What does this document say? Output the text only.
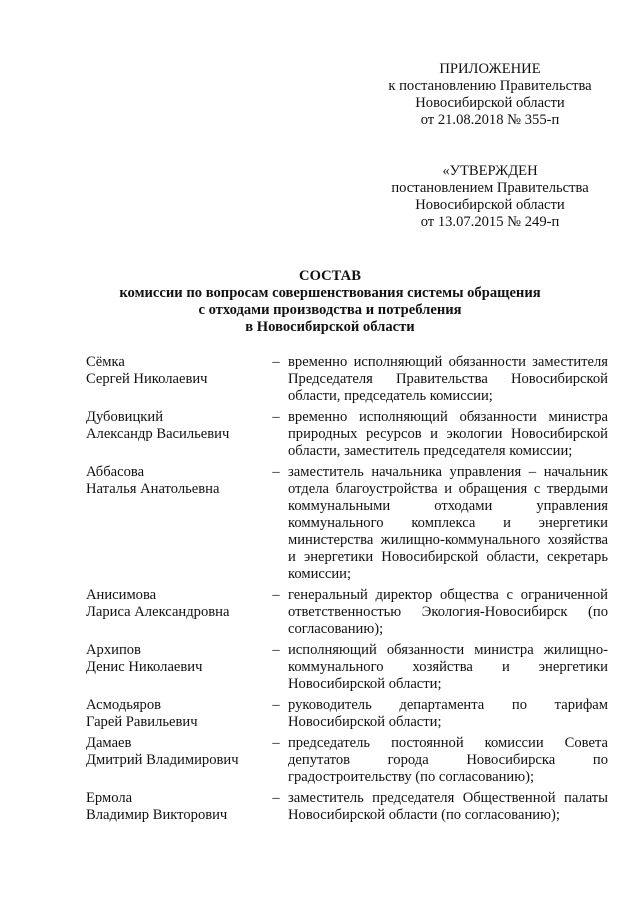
ПРИЛОЖЕНИЕ
к постановлению Правительства
Новосибирской области
от 21.08.2018 № 355-п
«УТВЕРЖДЕН
постановлением Правительства
Новосибирской области
от 13.07.2015 № 249-п
СОСТАВ
комиссии по вопросам совершенствования системы обращения
с отходами производства и потребления
в Новосибирской области
Сёмка
Сергей Николаевич
– временно исполняющий обязанности заместителя Председателя Правительства Новосибирской области, председатель комиссии;
Дубовицкий
Александр Васильевич
– временно исполняющий обязанности министра природных ресурсов и экологии Новосибирской области, заместитель председателя комиссии;
Аббасова
Наталья Анатольевна
– заместитель начальника управления – начальник отдела благоустройства и обращения с твердыми коммунальными отходами управления коммунального комплекса и энергетики министерства жилищно-коммунального хозяйства и энергетики Новосибирской области, секретарь комиссии;
Анисимова
Лариса Александровна
– генеральный директор общества с ограниченной ответственностью Экология-Новосибирск (по согласованию);
Архипов
Денис Николаевич
– исполняющий обязанности министра жилищно-коммунального хозяйства и энергетики Новосибирской области;
Асмодьяров
Гарей Равильевич
– руководитель департамента по тарифам Новосибирской области;
Дамаев
Дмитрий Владимирович
– председатель постоянной комиссии Совета депутатов города Новосибирска по градостроительству (по согласованию);
Ермола
Владимир Викторович
– заместитель председателя Общественной палаты Новосибирской области (по согласованию);
